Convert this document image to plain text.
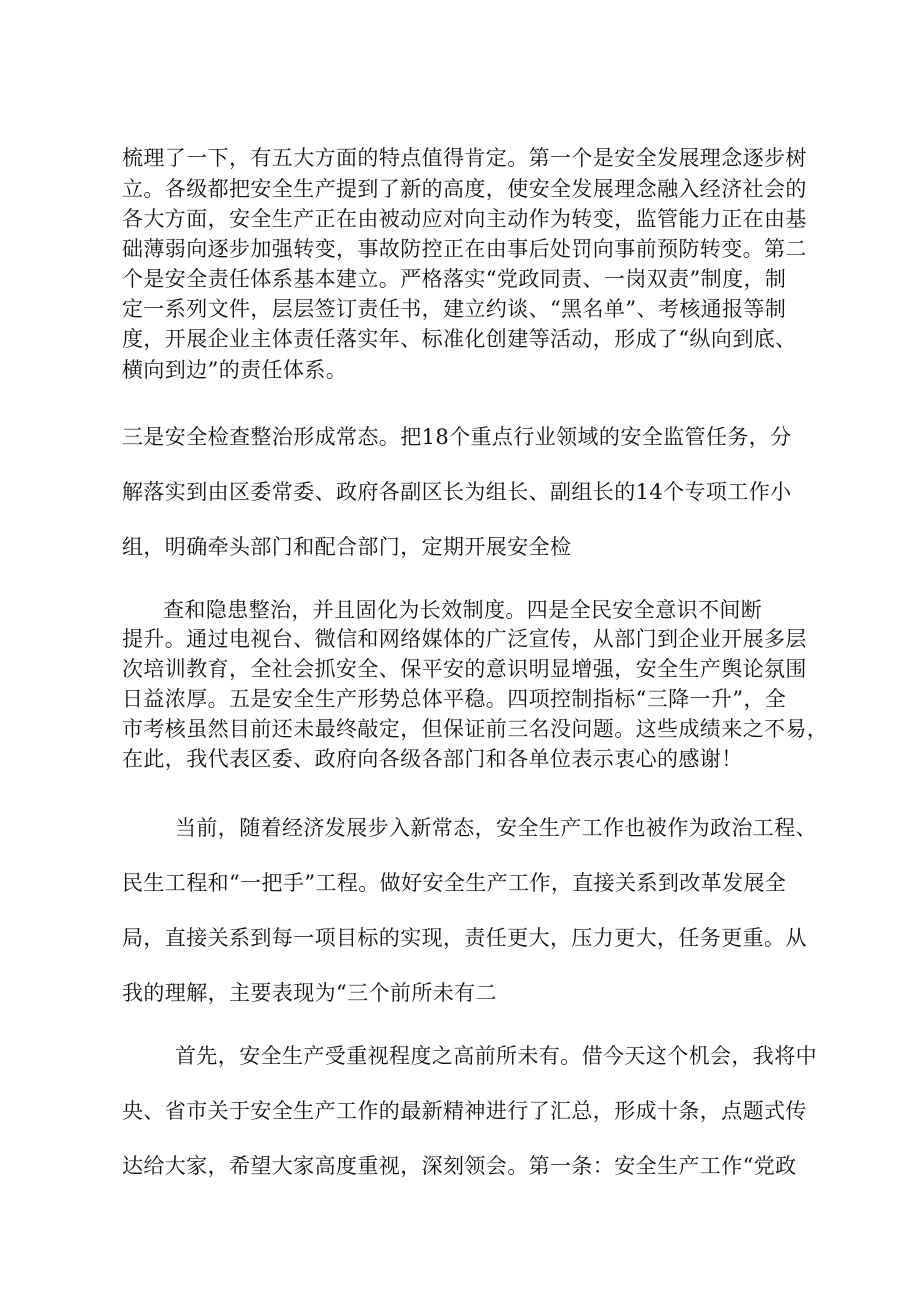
梳理了一下，有五大方面的特点值得肯定。第一个是安全发展理念逐步树
立。各级都把安全生产提到了新的高度，使安全发展理念融入经济社会的
各大方面，安全生产正在由被动应对向主动作为转变，监管能力正在由基
础薄弱向逐步加强转变，事故防控正在由事后处罚向事前预防转变。第二
个是安全责任体系基本建立。严格落实“党政同责、一岗双责”制度，制
定一系列文件，层层签订责任书，建立约谈、“黑名单”、考核通报等制
度，开展企业主体责任落实年、标准化创建等活动，形成了“纵向到底、
横向到边”的责任体系。
三是安全检查整治形成常态。把18个重点行业领域的安全监管任务，分
解落实到由区委常委、政府各副区长为组长、副组长的14个专项工作小
组，明确牵头部门和配合部门，定期开展安全检
查和隐患整治，并且固化为长效制度。四是全民安全意识不间断
提升。通过电视台、微信和网络媒体的广泛宣传，从部门到企业开展多层
次培训教育，全社会抓安全、保平安的意识明显增强，安全生产舆论氛围
日益浓厚。五是安全生产形势总体平稳。四项控制指标“三降一升”，全
市考核虽然目前还未最终敲定，但保证前三名没问题。这些成绩来之不易，
在此，我代表区委、政府向各级各部门和各单位表示衷心的感谢！
当前，随着经济发展步入新常态，安全生产工作也被作为政治工程、
民生工程和“一把手”工程。做好安全生产工作，直接关系到改革发展全
局，直接关系到每一项目标的实现，责任更大，压力更大，任务更重。从
我的理解，主要表现为“三个前所未有二
首先，安全生产受重视程度之高前所未有。借今天这个机会，我将中
央、省市关于安全生产工作的最新精神进行了汇总，形成十条，点题式传
达给大家，希望大家高度重视，深刻领会。第一条：安全生产工作“党政
